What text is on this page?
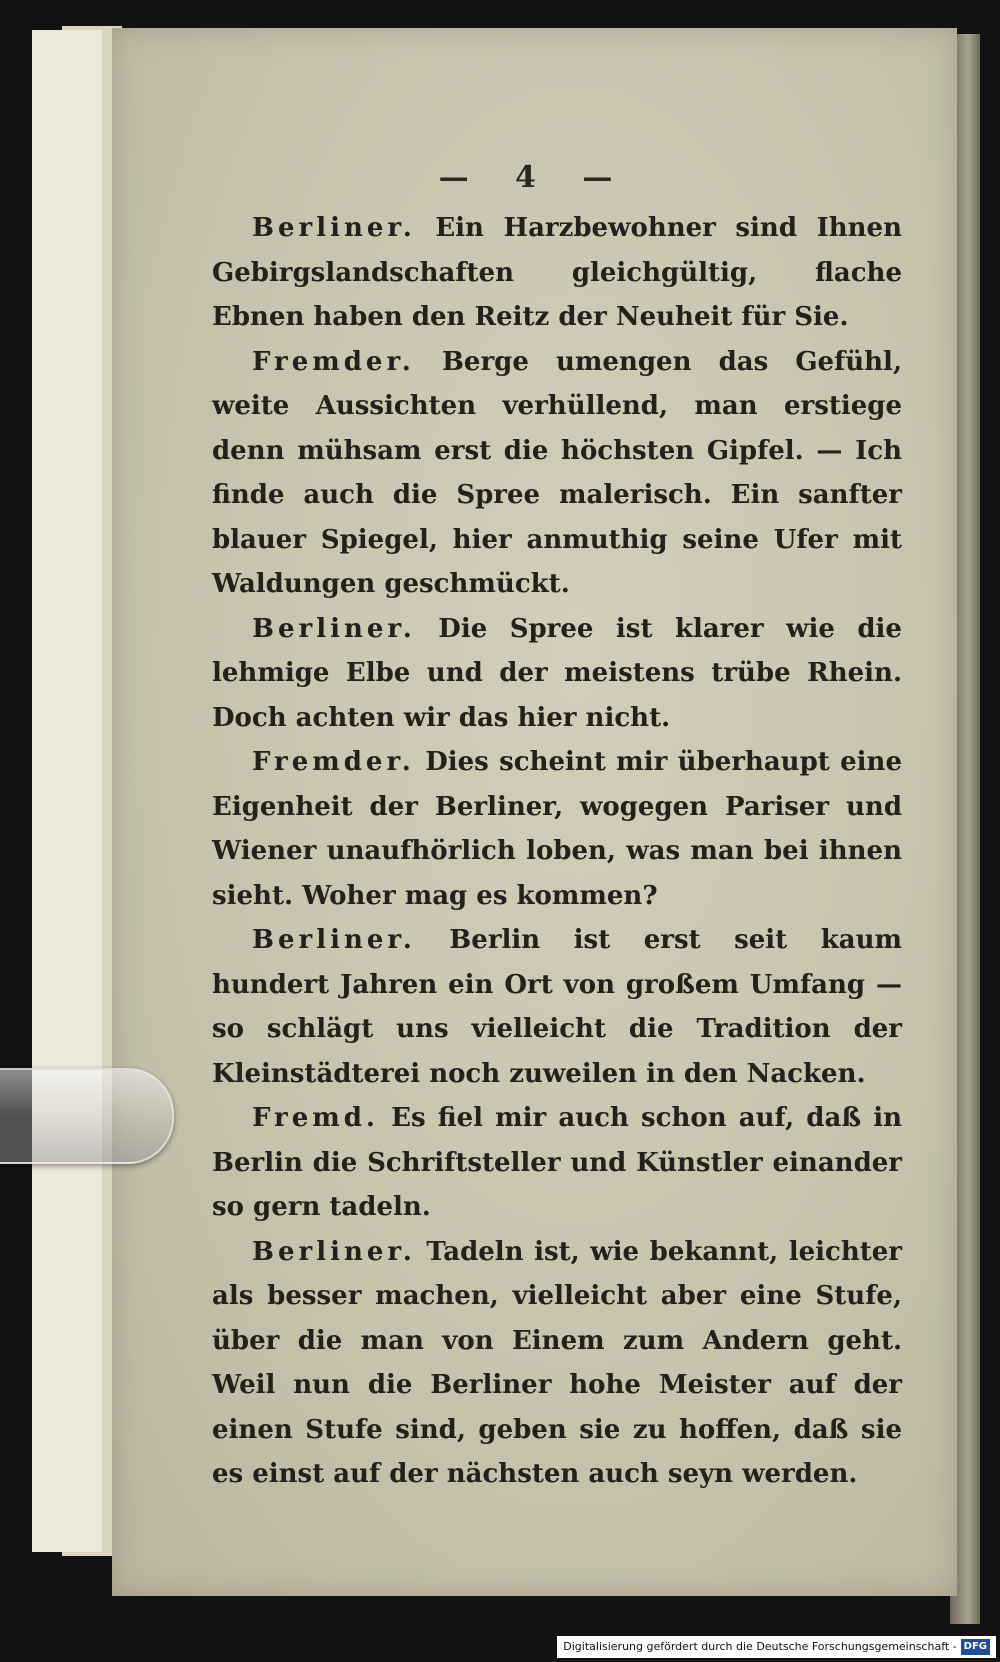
— 4 —

Berliner. Ein Harzbewohner sind Ihnen Gebirgslandschaften gleichgültig, flache Ebnen haben den Reitz der Neuheit für Sie.

Fremder. Berge umengen das Gefühl, weite Aussichten verhüllend, man erstiege denn mühsam erst die höchsten Gipfel. — Ich finde auch die Spree malerisch. Ein sanfter blauer Spiegel, hier anmuthig seine Ufer mit Waldungen geschmückt.

Berliner. Die Spree ist klarer wie die lehmige Elbe und der meistens trübe Rhein. Doch achten wir das hier nicht.

Fremder. Dies scheint mir überhaupt eine Eigenheit der Berliner, wogegen Pariser und Wiener unaufhörlich loben, was man bei ihnen sieht. Woher mag es kommen?

Berliner. Berlin ist erst seit kaum hundert Jahren ein Ort von großem Umfang — so schlägt uns vielleicht die Tradition der Kleinstädterei noch zuweilen in den Nacken.

Fremd. Es fiel mir auch schon auf, daß in Berlin die Schriftsteller und Künstler einander so gern tadeln.

Berliner. Tadeln ist, wie bekannt, leichter als besser machen, vielleicht aber eine Stufe, über die man von Einem zum Andern geht. Weil nun die Berliner hohe Meister auf der einen Stufe sind, geben sie zu hoffen, daß sie es einst auf der nächsten auch seyn werden.

Digitalisierung gefördert durch die Deutsche Forschungsgemeinschaft - DFG
